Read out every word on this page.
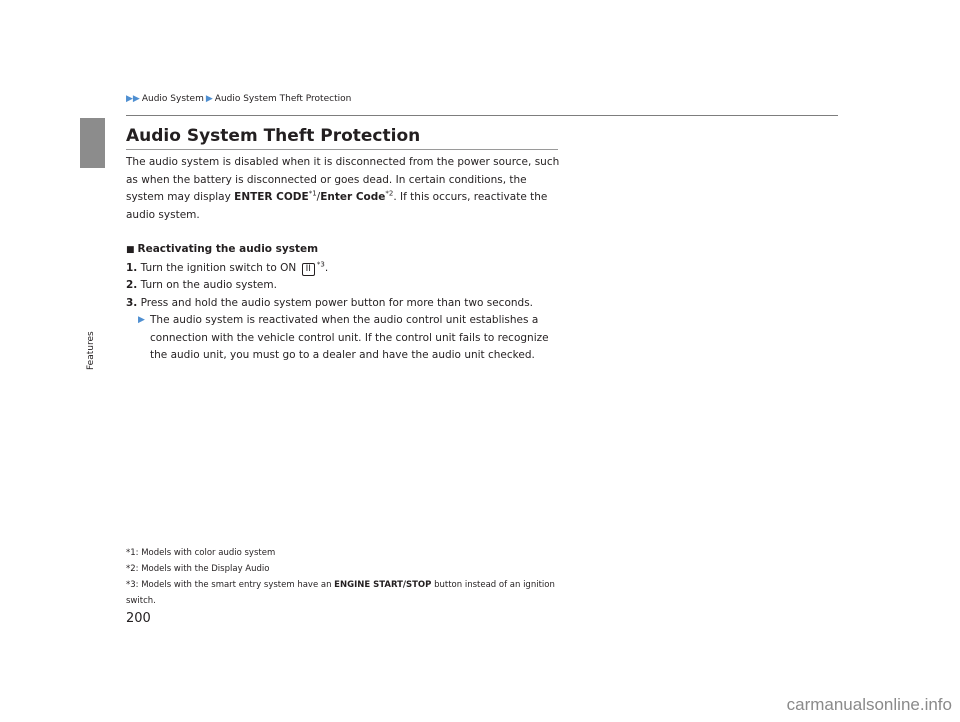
Features
▶▶ Audio System ▶ Audio System Theft Protection
Audio System Theft Protection

The audio system is disabled when it is disconnected from the power source, such as when the battery is disconnected or goes dead. In certain conditions, the system may display ENTER CODE$^{*1}$/Enter Code$^{*2}$. If this occurs, reactivate the audio system.

■ Reactivating the audio system

1. Turn the ignition switch to ON II $^{*3}$.

2. Turn on the audio system.

3. Press and hold the audio system power button for more than two seconds.

▶ The audio system is reactivated when the audio control unit establishes a connection with the vehicle control unit. If the control unit fails to recognize the audio unit, you must go to a dealer and have the audio unit checked.

*1: Models with color audio system

*2: Models with the Display Audio

*3: Models with the smart entry system have an ENGINE START/STOP button instead of an ignition switch.

200
carmanualsonline.info
